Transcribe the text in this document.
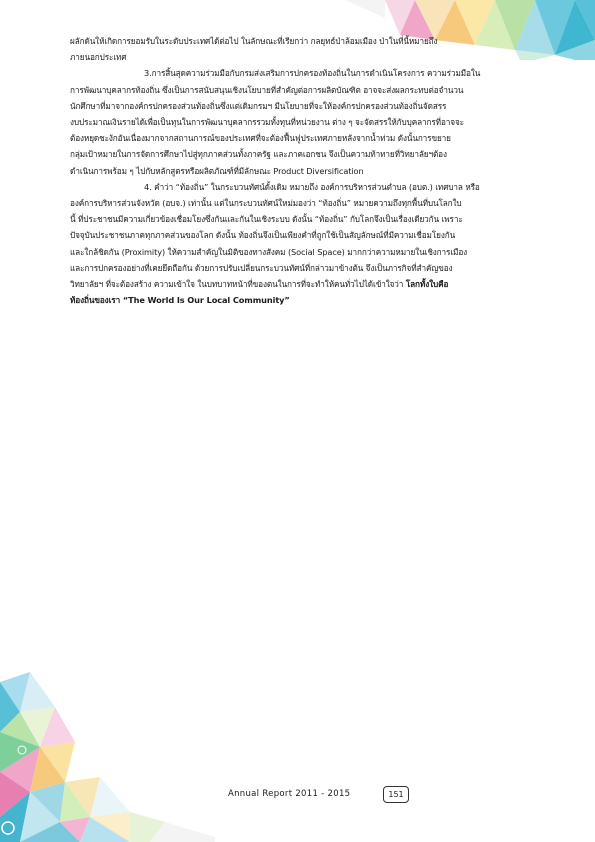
ผลักดันให้เกิดการยอมรับในระดับประเทศได้ต่อไป ในลักษณะที่เรียกว่า กลยุทธ์ป่าล้อมเมือง ป่าในที่นี้หมายถึง
ภายนอกประเทศ

3.การสิ้นสุดความร่วมมือกับกรมส่งเสริมการปกครองท้องถิ่นในการดำเนินโครงการ ความร่วมมือใน
การพัฒนาบุคลากรท้องถิ่น ซึ่งเป็นการสนับสนุนเชิงนโยบายที่สำคัญต่อการผลิตบัณฑิต อาจจะส่งผลกระทบต่อจำนวน
นักศึกษาที่มาจากองค์กรปกครองส่วนท้องถิ่นซึ่งแต่เดิมกรมฯ มีนโยบายที่จะให้องค์กรปกครองส่วนท้องถิ่นจัดสรร
งบประมาณเงินรายได้เพื่อเป็นทุนในการพัฒนาบุคลากรรวมทั้งทุนที่หน่วยงาน ต่าง ๆ จะจัดสรรให้กับบุคลากรที่อาจจะ
ต้องหยุดชะงักอันเนื่องมากจากสถานการณ์ของประเทศที่จะต้องฟื้นฟูประเทศภายหลังจากน้ำท่วม ดังนั้นการขยาย
กลุ่มเป้าหมายในการจัดการศึกษาไปสู่ทุกภาคส่วนทั้งภาครัฐ และภาคเอกชน จึงเป็นความท้าทายที่วิทยาลัยฯต้อง
ดำเนินการพร้อม ๆ ไปกับหลักสูตรหรือผลิตภัณฑ์ที่มีลักษณะ Product Diversification

4. คำว่า “ท้องถิ่น” ในกระบวนทัศน์ดั้งเดิม หมายถึง องค์การบริหารส่วนตำบล (อบต.) เทศบาล หรือ
องค์การบริหารส่วนจังหวัด (อบจ.) เท่านั้น แต่ในกระบวนทัศน์ใหม่มองว่า “ท้องถิ่น” หมายความถึงทุกพื้นที่บนโลกใบ
นี้ ที่ประชาชนมีความเกี่ยวข้องเชื่อมโยงซึ่งกันและกันในเชิงระบบ ดังนั้น “ท้องถิ่น” กับโลกจึงเป็นเรื่องเดียวกัน เพราะ
ปัจจุบันประชาชนภาคทุกภาคส่วนของโลก ดังนั้น ท้องถิ่นจึงเป็นเพียงคำที่ถูกใช้เป็นสัญลักษณ์ที่มีความเชื่อมโยงกัน
และใกล้ชิดกัน (Proximity) ให้ความสำคัญในมิติของทางสังคม (Social Space) มากกว่าความหมายในเชิงการเมือง
และการปกครองอย่างที่เคยยึดถือกัน ด้วยการปรับเปลี่ยนกระบวนทัศน์ที่กล่าวมาข้างต้น จึงเป็นภารกิจที่สำคัญของ
วิทยาลัยฯ ที่จะต้องสร้าง ความเข้าใจ ในบทบาทหน้าที่ของตนในการที่จะทำให้คนทั่วไปได้เข้าใจว่า โลกทั้งใบคือ
ท้องถิ่นของเรา “The World Is Our Local Community”

Annual Report 2011 - 2015	151
